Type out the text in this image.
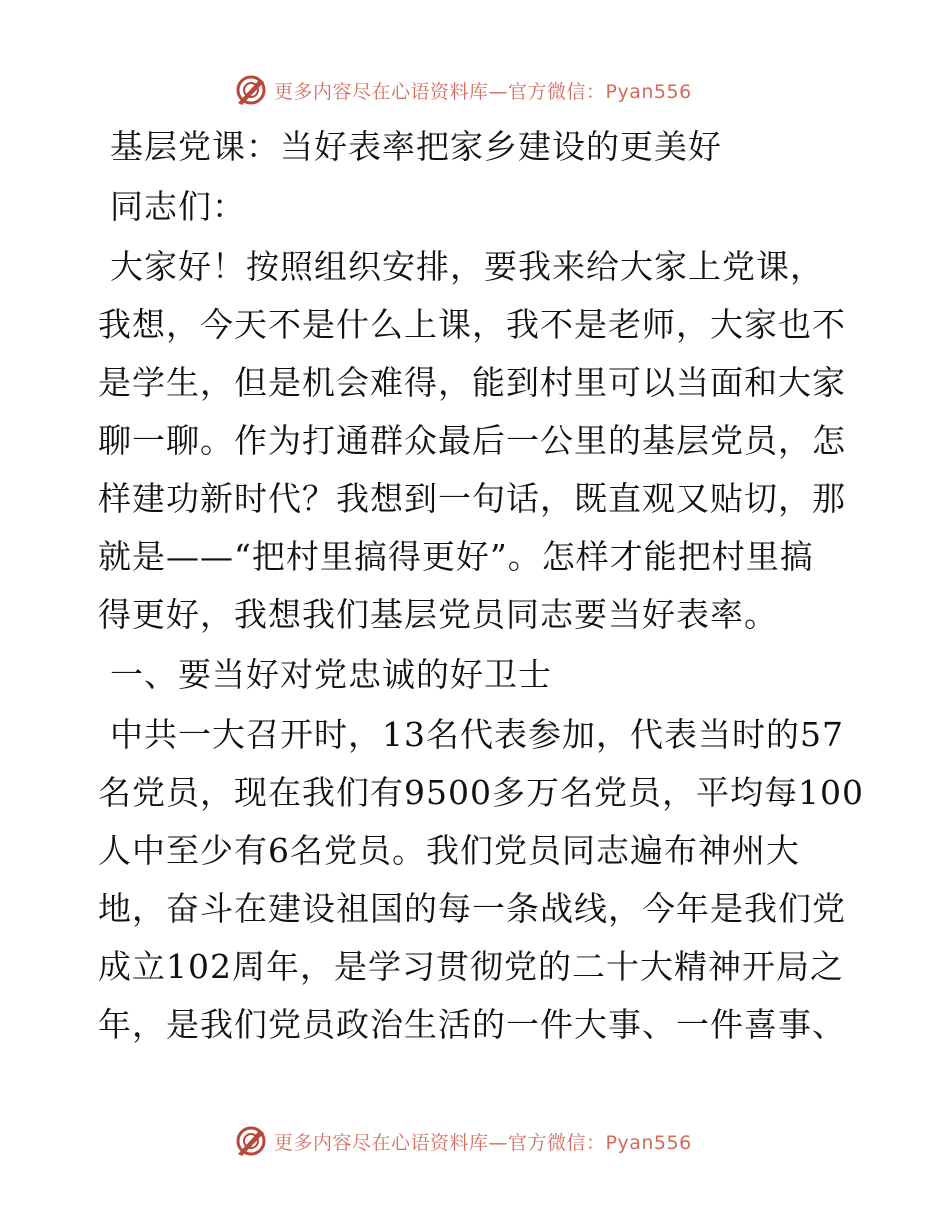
更多内容尽在心语资料库—官方微信：Pyan556
基层党课：当好表率把家乡建设的更美好
同志们：
大家好！按照组织安排，要我来给大家上党课，
我想，今天不是什么上课，我不是老师，大家也不
是学生，但是机会难得，能到村里可以当面和大家
聊一聊。作为打通群众最后一公里的基层党员，怎
样建功新时代？我想到一句话，既直观又贴切，那
就是——“把村里搞得更好”。怎样才能把村里搞
得更好，我想我们基层党员同志要当好表率。
一、要当好对党忠诚的好卫士
中共一大召开时，13名代表参加，代表当时的57
名党员，现在我们有9500多万名党员，平均每100
人中至少有6名党员。我们党员同志遍布神州大
地，奋斗在建设祖国的每一条战线，今年是我们党
成立102周年，是学习贯彻党的二十大精神开局之
年，是我们党员政治生活的一件大事、一件喜事、
更多内容尽在心语资料库—官方微信：Pyan556
